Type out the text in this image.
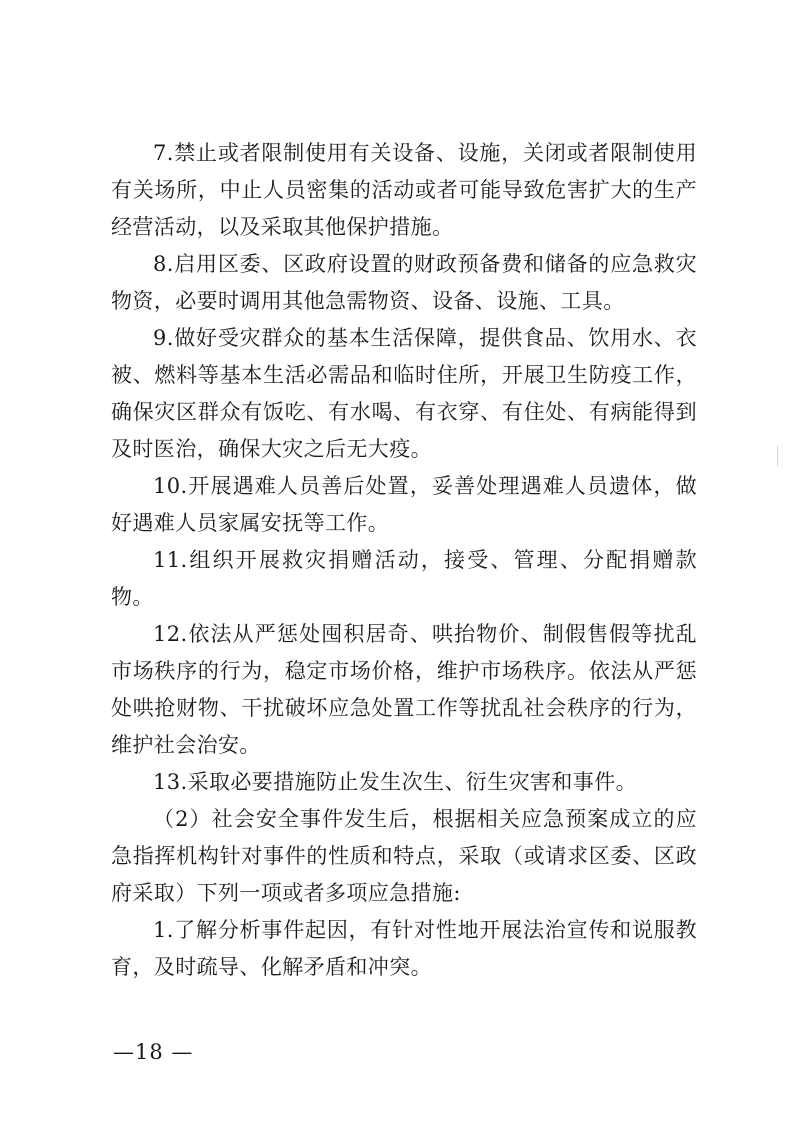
7.禁止或者限制使用有关设备、设施，关闭或者限制使用有关场所，中止人员密集的活动或者可能导致危害扩大的生产经营活动，以及采取其他保护措施。

8.启用区委、区政府设置的财政预备费和储备的应急救灾物资，必要时调用其他急需物资、设备、设施、工具。

9.做好受灾群众的基本生活保障，提供食品、饮用水、衣被、燃料等基本生活必需品和临时住所，开展卫生防疫工作，确保灾区群众有饭吃、有水喝、有衣穿、有住处、有病能得到及时医治，确保大灾之后无大疫。

10.开展遇难人员善后处置，妥善处理遇难人员遗体，做好遇难人员家属安抚等工作。

11.组织开展救灾捐赠活动，接受、管理、分配捐赠款物。

12.依法从严惩处囤积居奇、哄抬物价、制假售假等扰乱市场秩序的行为，稳定市场价格，维护市场秩序。依法从严惩处哄抢财物、干扰破坏应急处置工作等扰乱社会秩序的行为，维护社会治安。

13.采取必要措施防止发生次生、衍生灾害和事件。

（2）社会安全事件发生后，根据相关应急预案成立的应急指挥机构针对事件的性质和特点，采取（或请求区委、区政府采取）下列一项或者多项应急措施:

1.了解分析事件起因，有针对性地开展法治宣传和说服教育，及时疏导、化解矛盾和冲突。

—18 —
